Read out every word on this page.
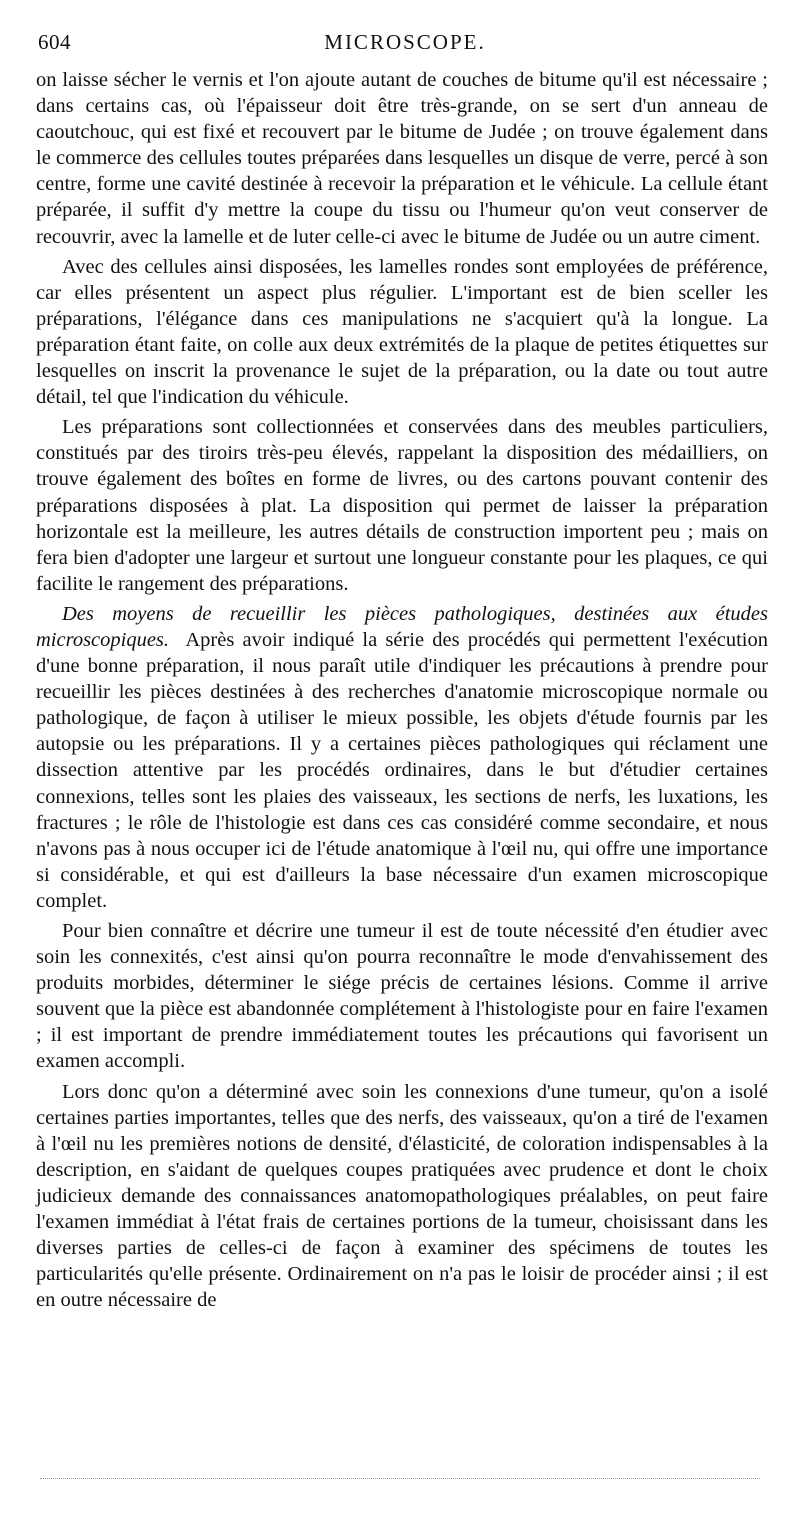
604	MICROSCOPE.

on laisse sécher le vernis et l'on ajoute autant de couches de bitume qu'il est nécessaire ; dans certains cas, où l'épaisseur doit être très-grande, on se sert d'un anneau de caoutchouc, qui est fixé et recouvert par le bitume de Judée ; on trouve également dans le commerce des cellules toutes préparées dans lesquelles un disque de verre, percé à son centre, forme une cavité destinée à recevoir la préparation et le véhicule. La cellule étant préparée, il suffit d'y mettre la coupe du tissu ou l'humeur qu'on veut conserver de recouvrir, avec la lamelle et de luter celle-ci avec le bitume de Judée ou un autre ciment.

Avec des cellules ainsi disposées, les lamelles rondes sont employées de préférence, car elles présentent un aspect plus régulier. L'important est de bien sceller les préparations, l'élégance dans ces manipulations ne s'acquiert qu'à la longue. La préparation étant faite, on colle aux deux extrémités de la plaque de petites étiquettes sur lesquelles on inscrit la provenance le sujet de la préparation, ou la date ou tout autre détail, tel que l'indication du véhicule.

Les préparations sont collectionnées et conservées dans des meubles particuliers, constitués par des tiroirs très-peu élevés, rappelant la disposition des médailliers, on trouve également des boîtes en forme de livres, ou des cartons pouvant contenir des préparations disposées à plat. La disposition qui permet de laisser la préparation horizontale est la meilleure, les autres détails de construction importent peu ; mais on fera bien d'adopter une largeur et surtout une longueur constante pour les plaques, ce qui facilite le rangement des préparations.

Des moyens de recueillir les pièces pathologiques, destinées aux études microscopiques. Après avoir indiqué la série des procédés qui permettent l'exécution d'une bonne préparation, il nous paraît utile d'indiquer les précautions à prendre pour recueillir les pièces destinées à des recherches d'anatomie microscopique normale ou pathologique, de façon à utiliser le mieux possible, les objets d'étude fournis par les autopsie ou les préparations. Il y a certaines pièces pathologiques qui réclament une dissection attentive par les procédés ordinaires, dans le but d'étudier certaines connexions, telles sont les plaies des vaisseaux, les sections de nerfs, les luxations, les fractures ; le rôle de l'histologie est dans ces cas considéré comme secondaire, et nous n'avons pas à nous occuper ici de l'étude anatomique à l'œil nu, qui offre une importance si considérable, et qui est d'ailleurs la base nécessaire d'un examen microscopique complet.

Pour bien connaître et décrire une tumeur il est de toute nécessité d'en étudier avec soin les connexités, c'est ainsi qu'on pourra reconnaître le mode d'envahissement des produits morbides, déterminer le siége précis de certaines lésions. Comme il arrive souvent que la pièce est abandonnée complétement à l'histologiste pour en faire l'examen ; il est important de prendre immédiatement toutes les précautions qui favorisent un examen accompli.

Lors donc qu'on a déterminé avec soin les connexions d'une tumeur, qu'on a isolé certaines parties importantes, telles que des nerfs, des vaisseaux, qu'on a tiré de l'examen à l'œil nu les premières notions de densité, d'élasticité, de coloration indispensables à la description, en s'aidant de quelques coupes pratiquées avec prudence et dont le choix judicieux demande des connaissances anatomopathologiques préalables, on peut faire l'examen immédiat à l'état frais de certaines portions de la tumeur, choisissant dans les diverses parties de celles-ci de façon à examiner des spécimens de toutes les particularités qu'elle présente. Ordinairement on n'a pas le loisir de procéder ainsi ; il est en outre nécessaire de
